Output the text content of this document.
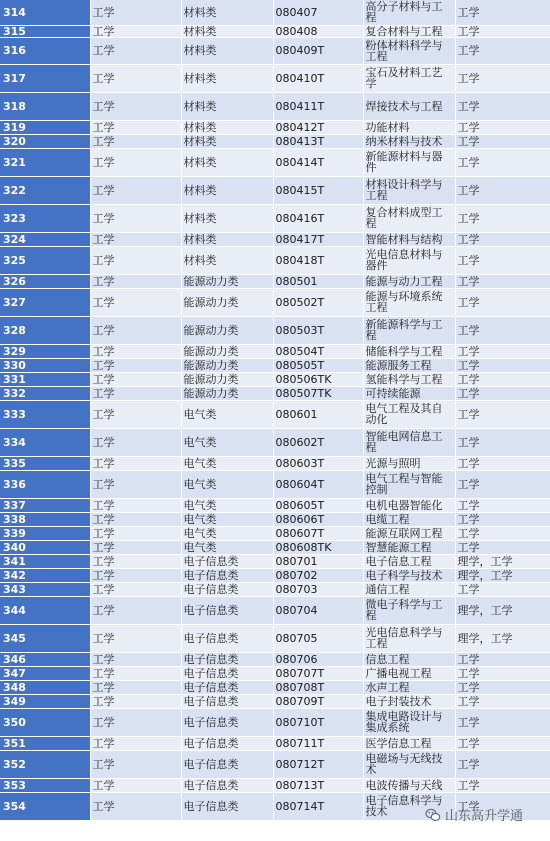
314	工学	材料类	080407	高分子材料与工程	工学
315	工学	材料类	080408	复合材料与工程	工学
316	工学	材料类	080409T	粉体材料科学与工程	工学
317	工学	材料类	080410T	宝石及材料工艺学	工学
318	工学	材料类	080411T	焊接技术与工程	工学
319	工学	材料类	080412T	功能材料	工学
320	工学	材料类	080413T	纳米材料与技术	工学
321	工学	材料类	080414T	新能源材料与器件	工学
322	工学	材料类	080415T	材料设计科学与工程	工学
323	工学	材料类	080416T	复合材料成型工程	工学
324	工学	材料类	080417T	智能材料与结构	工学
325	工学	材料类	080418T	光电信息材料与器件	工学
326	工学	能源动力类	080501	能源与动力工程	工学
327	工学	能源动力类	080502T	能源与环境系统工程	工学
328	工学	能源动力类	080503T	新能源科学与工程	工学
329	工学	能源动力类	080504T	储能科学与工程	工学
330	工学	能源动力类	080505T	能源服务工程	工学
331	工学	能源动力类	080506TK	氢能科学与工程	工学
332	工学	能源动力类	080507TK	可持续能源	工学
333	工学	电气类	080601	电气工程及其自动化	工学
334	工学	电气类	080602T	智能电网信息工程	工学
335	工学	电气类	080603T	光源与照明	工学
336	工学	电气类	080604T	电气工程与智能控制	工学
337	工学	电气类	080605T	电机电器智能化	工学
338	工学	电气类	080606T	电缆工程	工学
339	工学	电气类	080607T	能源互联网工程	工学
340	工学	电气类	080608TK	智慧能源工程	工学
341	工学	电子信息类	080701	电子信息工程	理学，工学
342	工学	电子信息类	080702	电子科学与技术	理学，工学
343	工学	电子信息类	080703	通信工程	工学
344	工学	电子信息类	080704	微电子科学与工程	理学，工学
345	工学	电子信息类	080705	光电信息科学与工程	理学，工学
346	工学	电子信息类	080706	信息工程	工学
347	工学	电子信息类	080707T	广播电视工程	工学
348	工学	电子信息类	080708T	水声工程	工学
349	工学	电子信息类	080709T	电子封装技术	工学
350	工学	电子信息类	080710T	集成电路设计与集成系统	工学
351	工学	电子信息类	080711T	医学信息工程	工学
352	工学	电子信息类	080712T	电磁场与无线技术	工学
353	工学	电子信息类	080713T	电波传播与天线	工学
354	工学	电子信息类	080714T	电子信息科学与技术	工学
山东高升学通
